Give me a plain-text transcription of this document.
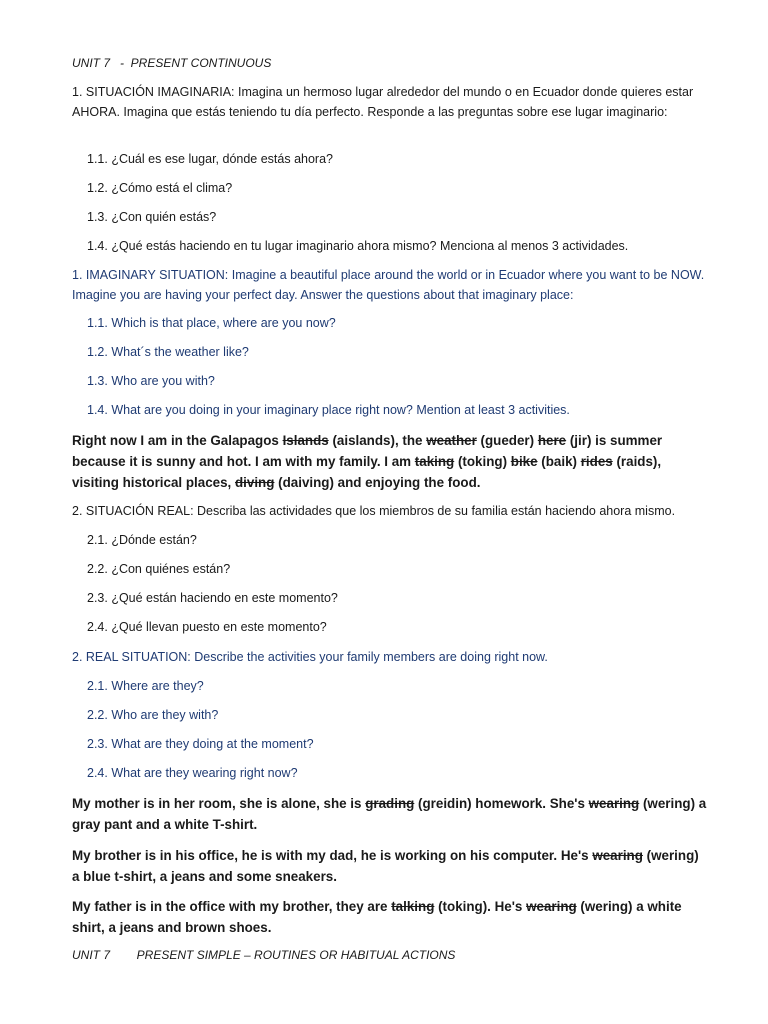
UNIT 7   -  PRESENT CONTINUOUS
1. SITUACIÓN IMAGINARIA: Imagina un hermoso lugar alrededor del mundo o en Ecuador donde quieres estar AHORA. Imagina que estás teniendo tu día perfecto. Responde a las preguntas sobre ese lugar imaginario:
1.1. ¿Cuál es ese lugar, dónde estás ahora?
1.2. ¿Cómo está el clima?
1.3. ¿Con quién estás?
1.4. ¿Qué estás haciendo en tu lugar imaginario ahora mismo? Menciona al menos 3 actividades.
1. IMAGINARY SITUATION: Imagine a beautiful place around the world or in Ecuador where you want to be NOW. Imagine you are having your perfect day. Answer the questions about that imaginary place:
1.1. Which is that place, where are you now?
1.2. What´s the weather like?
1.3. Who are you with?
1.4. What are you doing in your imaginary place right now? Mention at least 3 activities.
Right now I am in the Galapagos Islands (aislands), the weather (gueder) here (jir) is summer because it is sunny and hot. I am with my family. I am taking (toking) bike (baik) rides (raids), visiting historical places, diving (daiving) and enjoying the food.
2. SITUACIÓN REAL: Describa las actividades que los miembros de su familia están haciendo ahora mismo.
2.1. ¿Dónde están?
2.2. ¿Con quiénes están?
2.3. ¿Qué están haciendo en este momento?
2.4. ¿Qué llevan puesto en este momento?
2. REAL SITUATION: Describe the activities your family members are doing right now.
2.1. Where are they?
2.2. Who are they with?
2.3. What are they doing at the moment?
2.4. What are they wearing right now?
My mother is in her room, she is alone, she is grading (greidin) homework. She's wearing (wering) a gray pant and a white T-shirt.
My brother is in his office, he is with my dad, he is working on his computer. He's wearing (wering) a blue t-shirt, a jeans and some sneakers.
My father is in the office with my brother, they are talking (toking). He's wearing (wering) a white shirt, a jeans and brown shoes.
UNIT 7        PRESENT SIMPLE – ROUTINES OR HABITUAL ACTIONS
